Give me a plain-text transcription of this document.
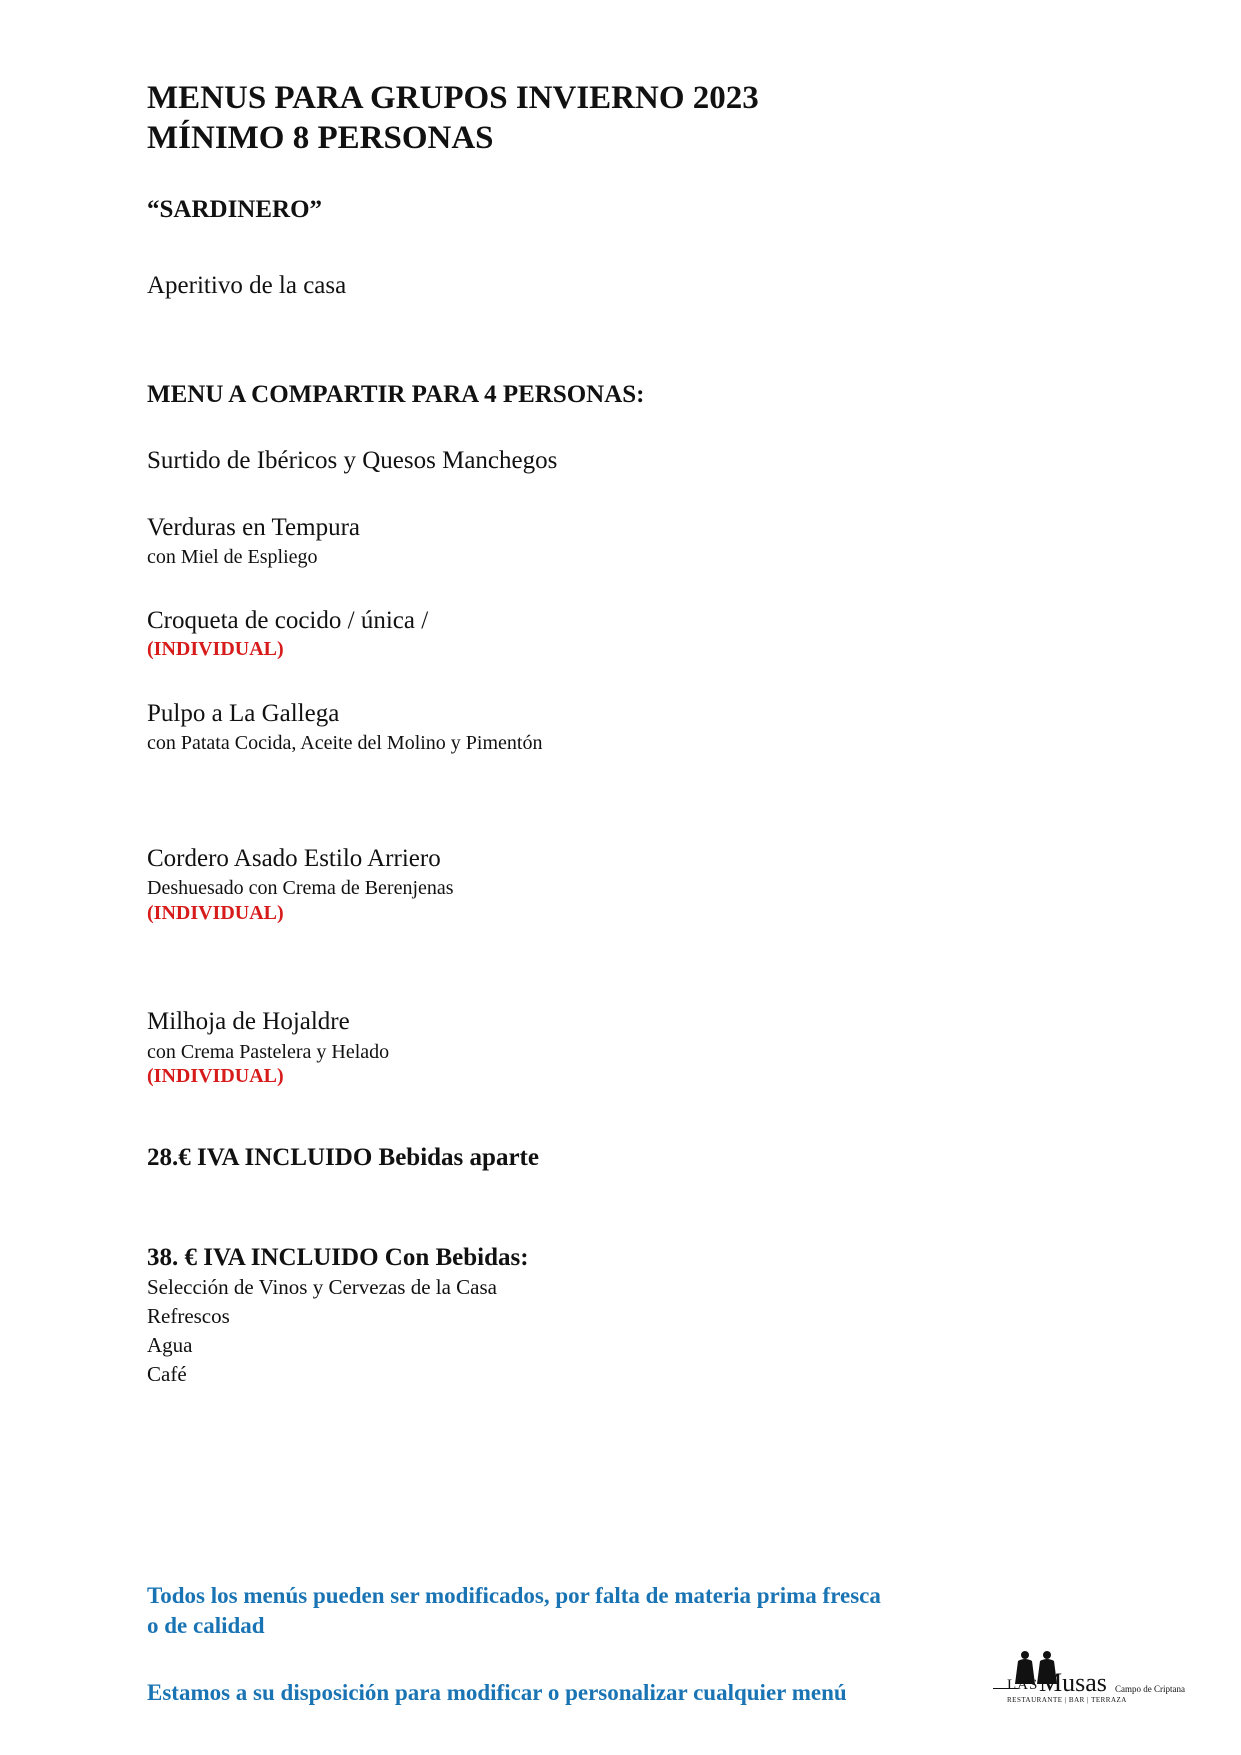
MENUS PARA GRUPOS INVIERNO 2023
MÍNIMO 8 PERSONAS
“SARDINERO”
Aperitivo de la casa
MENU A COMPARTIR PARA 4 PERSONAS:
Surtido de Ibéricos y Quesos Manchegos
Verduras en Tempura
con Miel de Espliego
Croqueta de cocido / única /
(INDIVIDUAL)
Pulpo a La Gallega
con Patata Cocida, Aceite del Molino y Pimentón
Cordero Asado Estilo Arriero
Deshuesado con Crema de Berenjenas
(INDIVIDUAL)
Milhoja de Hojaldre
con Crema Pastelera y Helado
(INDIVIDUAL)
28.€ IVA INCLUIDO Bebidas aparte
38. € IVA INCLUIDO Con Bebidas:
Selección de Vinos y Cervezas de la Casa
Refrescos
Agua
Café
Todos los menús pueden ser modificados, por falta de materia prima fresca
o de calidad
Estamos a su disposición para modificar o personalizar cualquier menú	LAS Musas Campo de Criptana
RESTAURANTE | BAR | TERRAZA
